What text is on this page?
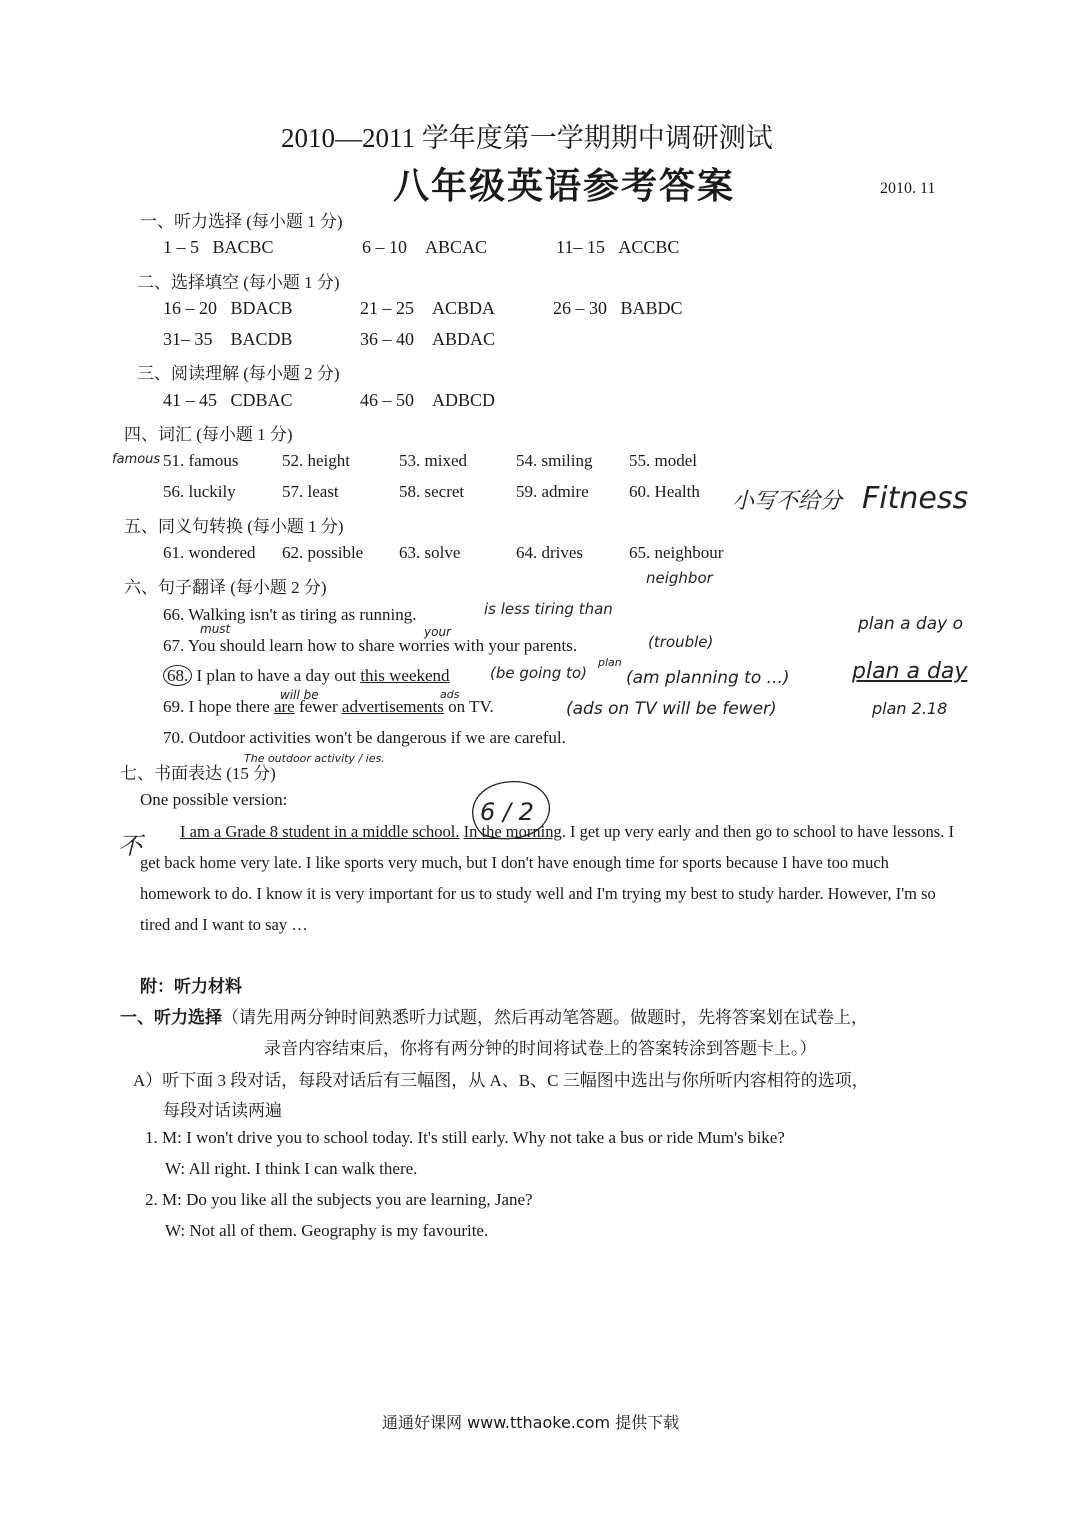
2010—2011 学年度第一学期期中调研测试
八年级英语参考答案	2010. 11
一、听力选择 (每小题 1 分)
1 – 5 BACBC	6 – 10 ABCAC	11– 15 ACCBC
二、选择填空 (每小题 1 分)
16 – 20 BDACB	21 – 25 ACBDA	26 – 30 BABDC
31– 35 BACDB	36 – 40 ABDAC
三、阅读理解 (每小题 2 分)
41 – 45 CDBAC	46 – 50 ADBCD
四、词汇 (每小题 1 分)
51. famous	52. height	53. mixed	54. smiling 55. model
56. luckily	57. least	58. secret	59. admire 60. Health
五、同义句转换 (每小题 1 分)
61. wondered 62. possible 63. solve	64. drives	65. neighbour
六、句子翻译 (每小题 2 分)
66. Walking isn't as tiring as running.
67. You should learn how to share worries with your parents.
68. I plan to have a day out this weekend
69. I hope there are fewer advertisements on TV.
70. Outdoor activities won't be dangerous if we are careful.
七、书面表达 (15 分)
One possible version:
I am a Grade 8 student in a middle school. In the morning. I get up very early and then go to school to have lessons. I get back home very late. I like sports very much, but I don't have enough time for sports because I have too much homework to do. I know it is very important for us to study well and I'm trying my best to study harder. However, I'm so tired and I want to say …
附：听力材料
一、听力选择（请先用两分钟时间熟悉听力试题，然后再动笔答题。做题时，先将答案划在试卷上，
录音内容结束后，你将有两分钟的时间将试卷上的答案转涂到答题卡上。）
A）听下面 3 段对话，每段对话后有三幅图，从 A、B、C 三幅图中选出与你所听内容相符的选项，
每段对话读两遍
1. M: I won't drive you to school today. It's still early. Why not take a bus or ride Mum's bike?
W: All right. I think I can walk there.
2. M: Do you like all the subjects you are learning, Jane?
W: Not all of them. Geography is my favourite.
famous
小写不给分 Fitness
neighbor
is less tiring than
must	your
(trouble)
(be going to)
plan
(am planning to ...)
will be	ads
(ads on TV will be fewer)
plan a day o
plan a day
plan 2.18
The outdoor activity / ies.
6 / 2
不
通通好课网 www.tthaoke.com 提供下载
